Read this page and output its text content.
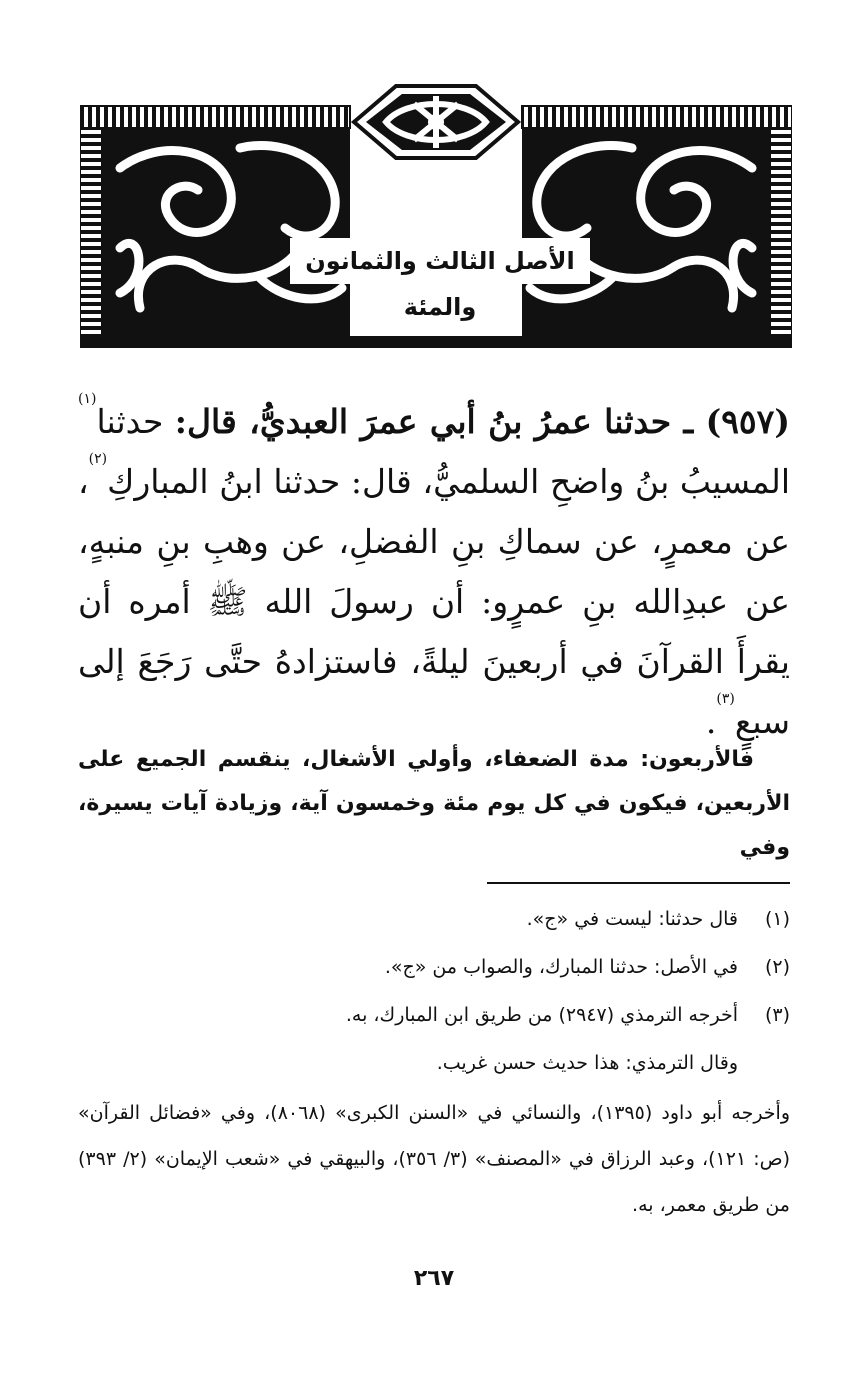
الأصل الثالث والثمانون والمئة
(٩٥٧) ـ حدثنا عمرُ بنُ أبي عمرَ العبديُّ، قال: حدثنا$^{(١)}$ المسيبُ بنُ واضحِ السلميُّ، قال: حدثنا ابنُ المباركِ$^{(٢)}$، عن معمرٍ، عن سماكِ بنِ الفضلِ، عن وهبِ بنِ منبهٍ، عن عبدِالله بنِ عمرٍو: أن رسولَ الله ﷺ أمره أن يقرأَ القرآنَ في أربعينَ ليلةً، فاستزادهُ حتَّى رَجَعَ إلى سبعٍ$^{(٣)}$.
فالأربعون: مدة الضعفاء، وأولي الأشغال، ينقسم الجميع على الأربعين، فيكون في كل يوم مئة وخمسون آية، وزيادة آيات يسيرة، وفي
(١)
قال حدثنا: ليست في «ج».
(٢)
في الأصل: حدثنا المبارك، والصواب من «ج».
(٣)
أخرجه الترمذي (٢٩٤٧) من طريق ابن المبارك، به.
وقال الترمذي: هذا حديث حسن غريب.
وأخرجه أبو داود (١٣٩٥)، والنسائي في «السنن الكبرى» (٨٠٦٨)، وفي «فضائل القرآن» (ص: ١٢١)، وعبد الرزاق في «المصنف» (٣/ ٣٥٦)، والبيهقي في «شعب الإيمان» (٢/ ٣٩٣) من طريق معمر، به.
٢٦٧
